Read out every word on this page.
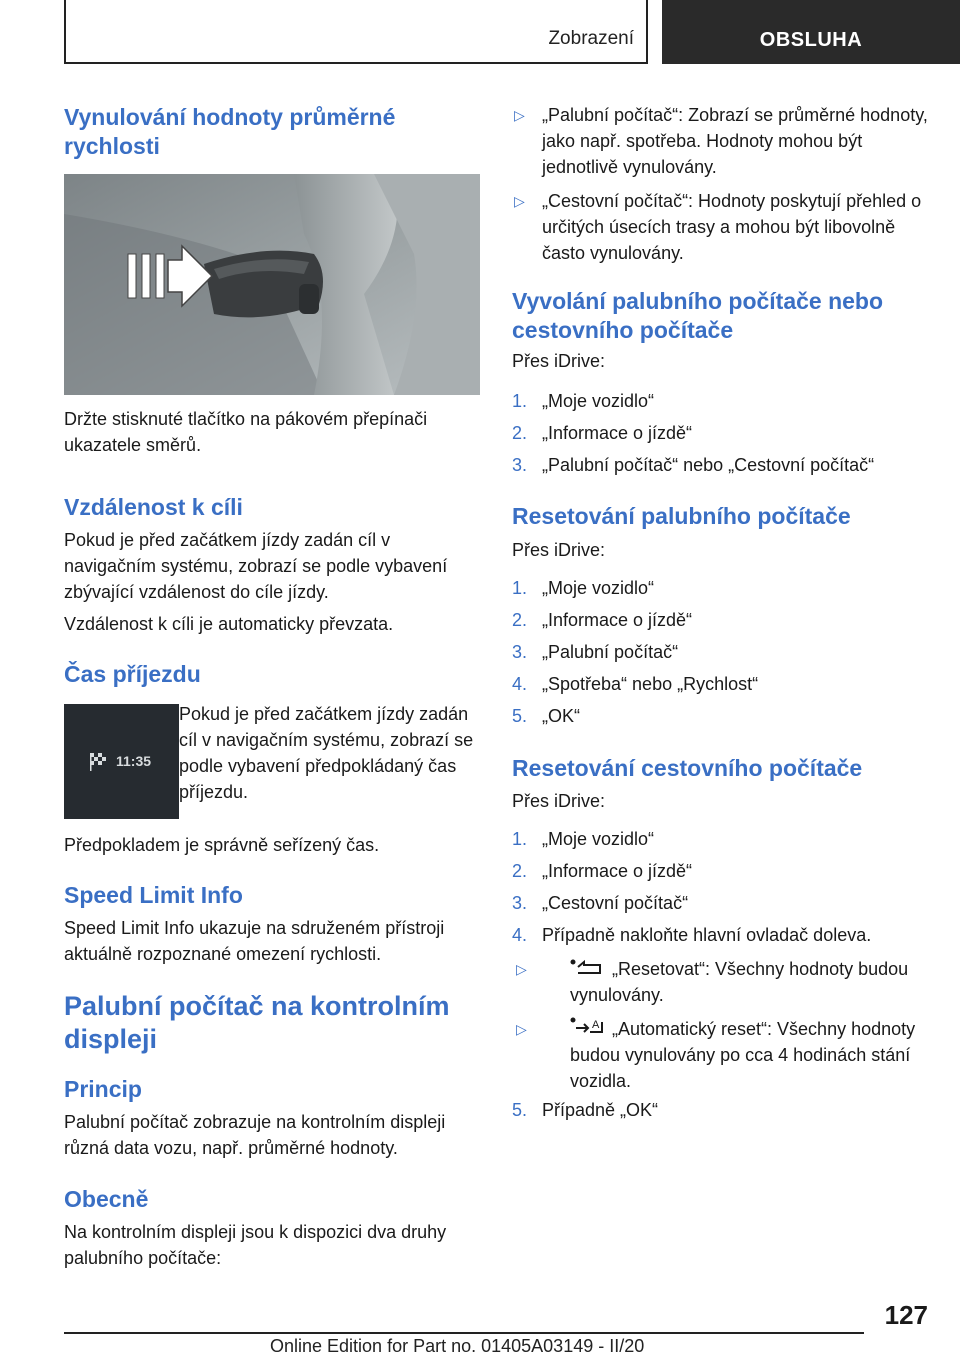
Zobrazení	OBSLUHA
Vynulování hodnoty průměrné rychlosti

Držte stisknuté tlačítko na pákovém přepínači ukazatele směrů.

Vzdálenost k cíli

Pokud je před začátkem jízdy zadán cíl v navigačním systému, zobrazí se podle vybavení zbývající vzdálenost do cíle jízdy.

Vzdálenost k cíli je automaticky převzata.

Čas příjezdu
11:35

Pokud je před začátkem jízdy zadán cíl v navigačním systému, zobrazí se podle vybavení předpokládaný čas příjezdu.

Předpokladem je správně seřízený čas.

Speed Limit Info

Speed Limit Info ukazuje na sdruženém přístroji aktuálně rozpoznané omezení rychlosti.

Palubní počítač na kontrolním displeji
Princip

Palubní počítač zobrazuje na kontrolním displeji různá data vozu, např. průměrné hodnoty.

Obecně

Na kontrolním displeji jsou k dispozici dva druhy palubního počítače:

▷ „Palubní počítač“: Zobrazí se průměrné hodnoty, jako např. spotřeba. Hodnoty mohou být jednotlivě vynulovány.
▷ „Cestovní počítač“: Hodnoty poskytují přehled o určitých úsecích trasy a mohou být libovolně často vynulovány.
Vyvolání palubního počítače nebo cestovního počítače

Přes iDrive:

1. „Moje vozidlo“
2. „Informace o jízdě“
3. „Palubní počítač“ nebo „Cestovní počítač“
Resetování palubního počítače

Přes iDrive:

1. „Moje vozidlo“
2. „Informace o jízdě“
3. „Palubní počítač“
4. „Spotřeba“ nebo „Rychlost“
5. „OK“
Resetování cestovního počítače

Přes iDrive:

1. „Moje vozidlo“
2. „Informace o jízdě“
3. „Cestovní počítač“
4. Případně nakloňte hlavní ovladač doleva.
▷	„Resetovat“: Všechny hodnoty budou vynulovány.
▷	A „Automatický reset“: Všechny hodnoty budou vynulovány po cca 4 hodinách stání vozidla.
5. Případně „OK“
127
Online Edition for Part no. 01405A03149 - II/20
